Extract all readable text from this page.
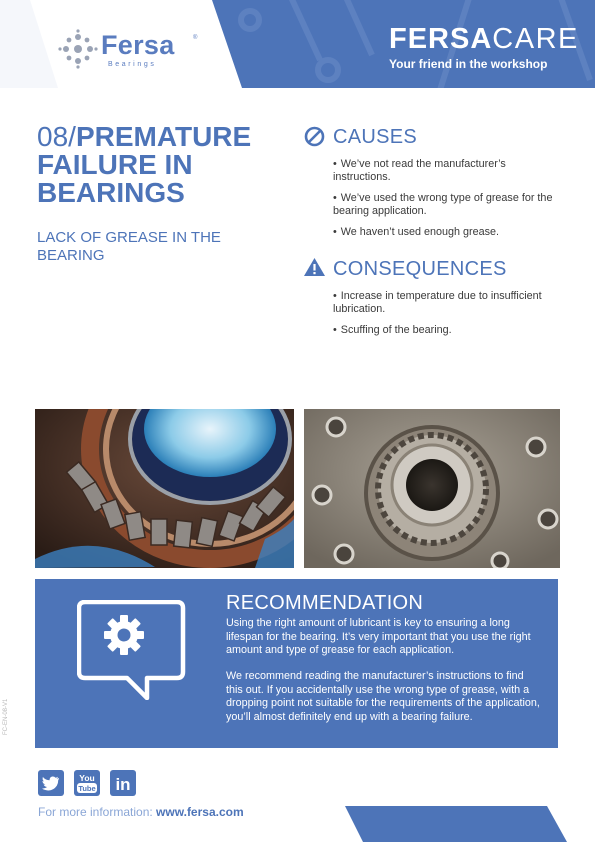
Fersa	®
Bearings
FERSACARE
Your friend in the workshop
08/PREMATURE FAILURE IN BEARINGS
LACK OF GREASE IN THE BEARING
CAUSES
• We’ve not read the manufacturer’s instructions.
• We’ve used the wrong type of grease for the bearing application.
• We haven’t used enough grease.
CONSEQUENCES
• Increase in temperature due to insufficient lubrication.
• Scuffing of the bearing.
RECOMMENDATION

Using the right amount of lubricant is key to ensuring a long lifespan for the bearing. It’s very important that you use the right amount and type of grease for each application.

We recommend reading the manufacturer’s instructions to find this out. If you accidentally use the wrong type of grease, with a dropping point not suitable for the requirements of the application, you’ll almost definitely end up with a bearing failure.

FC-EN-08-V1
You
Tube in
For more information: www.fersa.com
